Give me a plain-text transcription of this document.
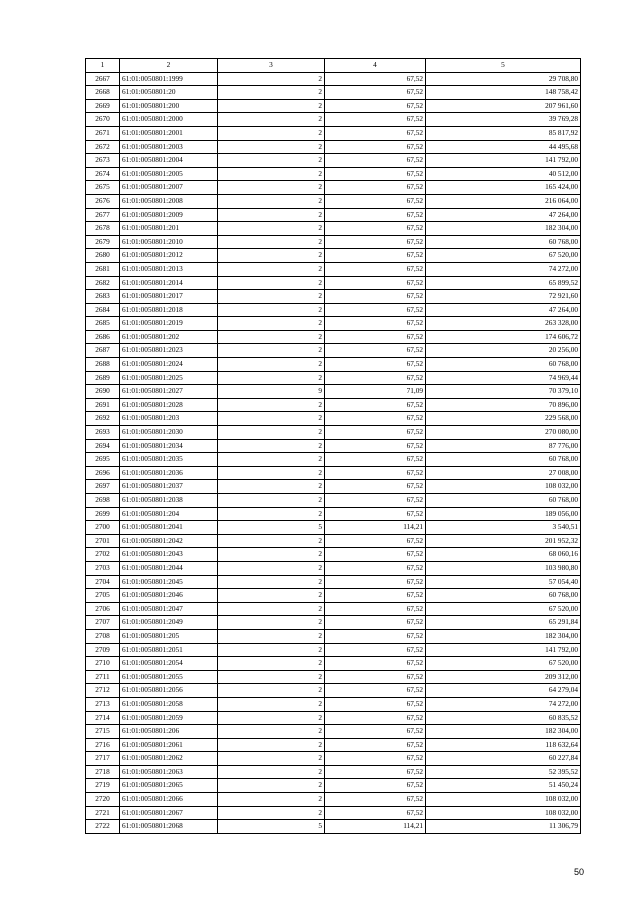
1	2	3	4	5
2667	61:01:0050801:1999	2	67,52	29 708,80
2668	61:01:0050801:20	2	67,52	148 758,42
2669	61:01:0050801:200	2	67,52	207 961,60
2670	61:01:0050801:2000	2	67,52	39 769,28
2671	61:01:0050801:2001	2	67,52	85 817,92
2672	61:01:0050801:2003	2	67,52	44 495,68
2673	61:01:0050801:2004	2	67,52	141 792,00
2674	61:01:0050801:2005	2	67,52	40 512,00
2675	61:01:0050801:2007	2	67,52	165 424,00
2676	61:01:0050801:2008	2	67,52	216 064,00
2677	61:01:0050801:2009	2	67,52	47 264,00
2678	61:01:0050801:201	2	67,52	182 304,00
2679	61:01:0050801:2010	2	67,52	60 768,00
2680	61:01:0050801:2012	2	67,52	67 520,00
2681	61:01:0050801:2013	2	67,52	74 272,00
2682	61:01:0050801:2014	2	67,52	65 899,52
2683	61:01:0050801:2017	2	67,52	72 921,60
2684	61:01:0050801:2018	2	67,52	47 264,00
2685	61:01:0050801:2019	2	67,52	263 328,00
2686	61:01:0050801:202	2	67,52	174 606,72
2687	61:01:0050801:2023	2	67,52	20 256,00
2688	61:01:0050801:2024	2	67,52	60 768,00
2689	61:01:0050801:2025	2	67,52	74 969,44
2690	61:01:0050801:2027	9	71,09	70 379,10
2691	61:01:0050801:2028	2	67,52	70 896,00
2692	61:01:0050801:203	2	67,52	229 568,00
2693	61:01:0050801:2030	2	67,52	270 080,00
2694	61:01:0050801:2034	2	67,52	87 776,00
2695	61:01:0050801:2035	2	67,52	60 768,00
2696	61:01:0050801:2036	2	67,52	27 008,00
2697	61:01:0050801:2037	2	67,52	108 032,00
2698	61:01:0050801:2038	2	67,52	60 768,00
2699	61:01:0050801:204	2	67,52	189 056,00
2700	61:01:0050801:2041	5	114,21	3 540,51
2701	61:01:0050801:2042	2	67,52	201 952,32
2702	61:01:0050801:2043	2	67,52	68 060,16
2703	61:01:0050801:2044	2	67,52	103 980,80
2704	61:01:0050801:2045	2	67,52	57 054,40
2705	61:01:0050801:2046	2	67,52	60 768,00
2706	61:01:0050801:2047	2	67,52	67 520,00
2707	61:01:0050801:2049	2	67,52	65 291,84
2708	61:01:0050801:205	2	67,52	182 304,00
2709	61:01:0050801:2051	2	67,52	141 792,00
2710	61:01:0050801:2054	2	67,52	67 520,00
2711	61:01:0050801:2055	2	67,52	209 312,00
2712	61:01:0050801:2056	2	67,52	64 279,04
2713	61:01:0050801:2058	2	67,52	74 272,00
2714	61:01:0050801:2059	2	67,52	60 835,52
2715	61:01:0050801:206	2	67,52	182 304,00
2716	61:01:0050801:2061	2	67,52	118 632,64
2717	61:01:0050801:2062	2	67,52	60 227,84
2718	61:01:0050801:2063	2	67,52	52 395,52
2719	61:01:0050801:2065	2	67,52	51 450,24
2720	61:01:0050801:2066	2	67,52	108 032,00
2721	61:01:0050801:2067	2	67,52	108 032,00
2722	61:01:0050801:2068	5	114,21	11 306,79
50
